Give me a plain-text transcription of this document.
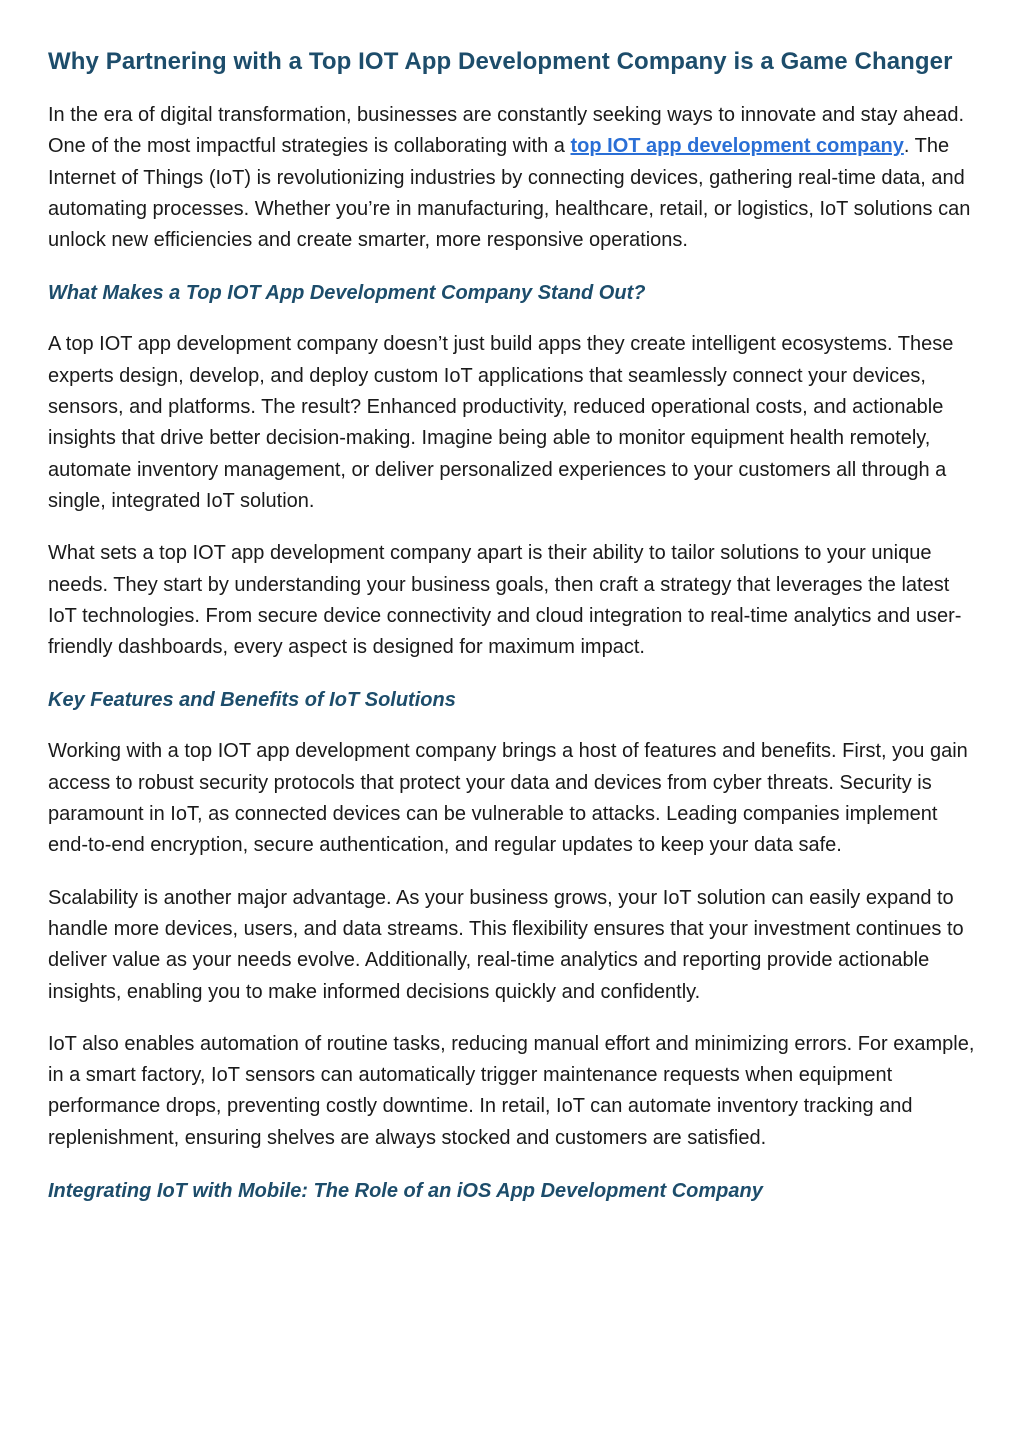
Why Partnering with a Top IOT App Development Company is a Game Changer

In the era of digital transformation, businesses are constantly seeking ways to innovate and stay ahead. One of the most impactful strategies is collaborating with a top IOT app development company. The Internet of Things (IoT) is revolutionizing industries by connecting devices, gathering real-time data, and automating processes. Whether you’re in manufacturing, healthcare, retail, or logistics, IoT solutions can unlock new efficiencies and create smarter, more responsive operations.

What Makes a Top IOT App Development Company Stand Out?

A top IOT app development company doesn’t just build apps they create intelligent ecosystems. These experts design, develop, and deploy custom IoT applications that seamlessly connect your devices, sensors, and platforms. The result? Enhanced productivity, reduced operational costs, and actionable insights that drive better decision-making. Imagine being able to monitor equipment health remotely, automate inventory management, or deliver personalized experiences to your customers all through a single, integrated IoT solution.

What sets a top IOT app development company apart is their ability to tailor solutions to your unique needs. They start by understanding your business goals, then craft a strategy that leverages the latest IoT technologies. From secure device connectivity and cloud integration to real-time analytics and user-friendly dashboards, every aspect is designed for maximum impact.

Key Features and Benefits of IoT Solutions

Working with a top IOT app development company brings a host of features and benefits. First, you gain access to robust security protocols that protect your data and devices from cyber threats. Security is paramount in IoT, as connected devices can be vulnerable to attacks. Leading companies implement end-to-end encryption, secure authentication, and regular updates to keep your data safe.

Scalability is another major advantage. As your business grows, your IoT solution can easily expand to handle more devices, users, and data streams. This flexibility ensures that your investment continues to deliver value as your needs evolve. Additionally, real-time analytics and reporting provide actionable insights, enabling you to make informed decisions quickly and confidently.

IoT also enables automation of routine tasks, reducing manual effort and minimizing errors. For example, in a smart factory, IoT sensors can automatically trigger maintenance requests when equipment performance drops, preventing costly downtime. In retail, IoT can automate inventory tracking and replenishment, ensuring shelves are always stocked and customers are satisfied.

Integrating IoT with Mobile: The Role of an iOS App Development Company
